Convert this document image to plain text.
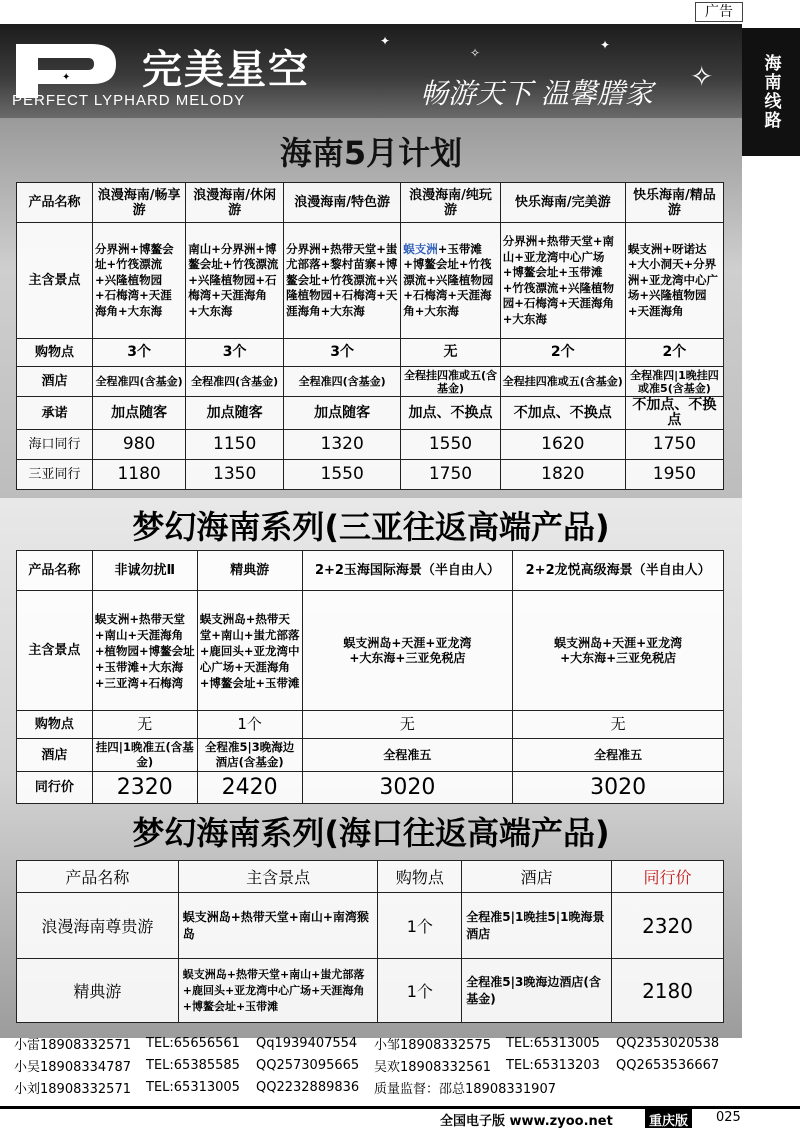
广告
海南线路
✦ 完美星空
PERFECT LYPHARD MELODY	畅游天下 温馨謄家
✦
✧
✦
✧
海南5月计划
产品名称	浪漫海南/畅享游	浪漫海南/休闲游	浪漫海南/特色游	浪漫海南/纯玩游	快乐海南/完美游	快乐海南/精品游
主含景点	分界洲+博鳌会址+竹筏漂流+兴隆植物园+石梅湾+天涯海角+大东海	南山+分界洲+博鳌会址+竹筏漂流+兴隆植物园+石梅湾+天涯海角+大东海	分界洲+热带天堂+蚩尤部落+黎村苗寨+博鳌会址+竹筏漂流+兴隆植物园+石梅湾+天涯海角+大东海	蜈支洲+玉带滩+博鳌会址+竹筏漂流+兴隆植物园+石梅湾+天涯海角+大东海	分界洲+热带天堂+南山+亚龙湾中心广场+博鳌会址+玉带滩+竹筏漂流+兴隆植物园+石梅湾+天涯海角+大东海	蜈支洲+呀诺达+大小洞天+分界洲+亚龙湾中心广场+兴隆植物园+天涯海角
购物点	3个	3个	3个	无	2个	2个
酒店	全程准四(含基金)	全程准四(含基金)	全程准四(含基金)	全程挂四准或五(含基金)	全程挂四准或五(含基金)	全程准四|1晚挂四或准5(含基金)
承诺	加点随客	加点随客	加点随客	加点、不换点	不加点、不换点	不加点、不换点
海口同行	980	1150	1320	1550	1620	1750
三亚同行	1180	1350	1550	1750	1820	1950
梦幻海南系列(三亚往返高端产品)
产品名称	非诚勿扰Ⅱ	精典游	2+2玉海国际海景（半自由人）	2+2龙悦高级海景（半自由人）
主含景点	蜈支洲+热带天堂+南山+天涯海角+植物园+博鳌会址+玉带滩+大东海+三亚湾+石梅湾	蜈支洲岛+热带天堂+南山+蚩尤部落+鹿回头+亚龙湾中心广场+天涯海角+博鳌会址+玉带滩	蜈支洲岛+天涯+亚龙湾+大东海+三亚免税店	蜈支洲岛+天涯+亚龙湾+大东海+三亚免税店
购物点	无	1个	无	无
酒店	挂四|1晚准五(含基金)	全程准5|3晚海边酒店(含基金)	全程准五	全程准五
同行价	2320	2420	3020	3020
梦幻海南系列(海口往返高端产品)
产品名称	主含景点	购物点	酒店	同行价
浪漫海南尊贵游	蜈支洲岛+热带天堂+南山+南湾猴岛	1个	全程准5|1晚挂5|1晚海景酒店	2320
精典游	蜈支洲岛+热带天堂+南山+蚩尤部落+鹿回头+亚龙湾中心广场+天涯海角+博鳌会址+玉带滩	1个	全程准5|3晚海边酒店(含基金)	2180
小雷18908332571	TEL:65656561	Qq1939407554	小邹18908332575	TEL:65313005	QQ2353020538
小吴18908334787	TEL:65385585	QQ2573095665	吴欢18908332561	TEL:65313203	QQ2653536667
小刘18908332571	TEL:65313005	QQ2232889836	质量监督：邵总18908331907
全国电子版 www.zyoo.net	重庆版	025
